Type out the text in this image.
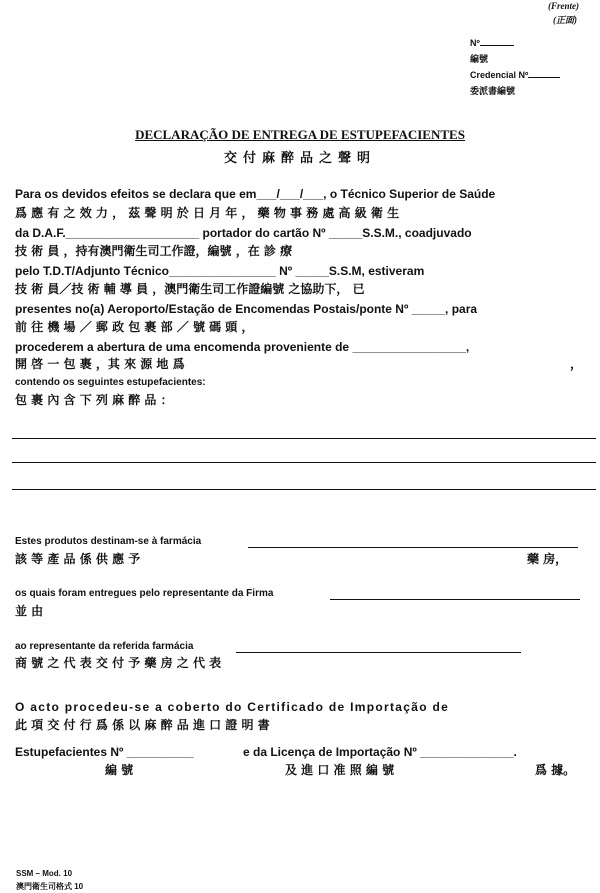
(Frente)
(正面)
Nº
編號
Credencial Nº
委派書編號
DECLARAÇÃO DE ENTREGA DE ESTUPEFACIENTES
交付麻醉品之聲明
Para os devidos efeitos se declara que em___/___/___, o Técnico Superior de Saúde
爲 應 有 之 效 力 ， 茲 聲 明 於 日 月 年 ， 藥 物 事 務 處 高 級 衛 生
da D.A.F.____________________ portador do cartão Nº _____S.S.M., coadjuvado
技 術 員 ，持有澳門衛生司工作證，編號 ，在 診 療
pelo T.D.T/Adjunto Técnico________________ Nº _____S.S.M, estiveram
技 術 員／技 術 輔 導 員 ，澳門衛生司工作證編號 之協助下， 已
presentes no(a) Aeroporto/Estação de Encomendas Postais/ponte Nº _____, para
前 往 機 場 ／ 郵 政 包 裹 部 ／ 號 碼 頭 ，
procederem a abertura de uma encomenda proveniente de _________________,
開 啓 一 包 裹 ，其 來 源 地 爲	，
contendo os seguintes estupefacientes:
包 裹 內 含 下 列 麻 醉 品 ：
Estes produtos destinam-se à farmácia
該 等 產 品 係 供 應 予	藥 房，
os quais foram entregues pelo representante da Firma
並 由
ao representante da referida farmácia
商 號 之 代 表 交 付 予 藥 房 之 代 表
O acto procedeu-se a coberto do Certificado de Importação de
此 項 交 付 行 爲 係 以 麻 醉 品 進 口 證 明 書
Estupefacientes Nº __________	e da Licença de Importação Nº ______________.
編 號	及 進 口 准 照 編 號	爲 據。
SSM – Mod. 10
澳門衛生司格式 10
